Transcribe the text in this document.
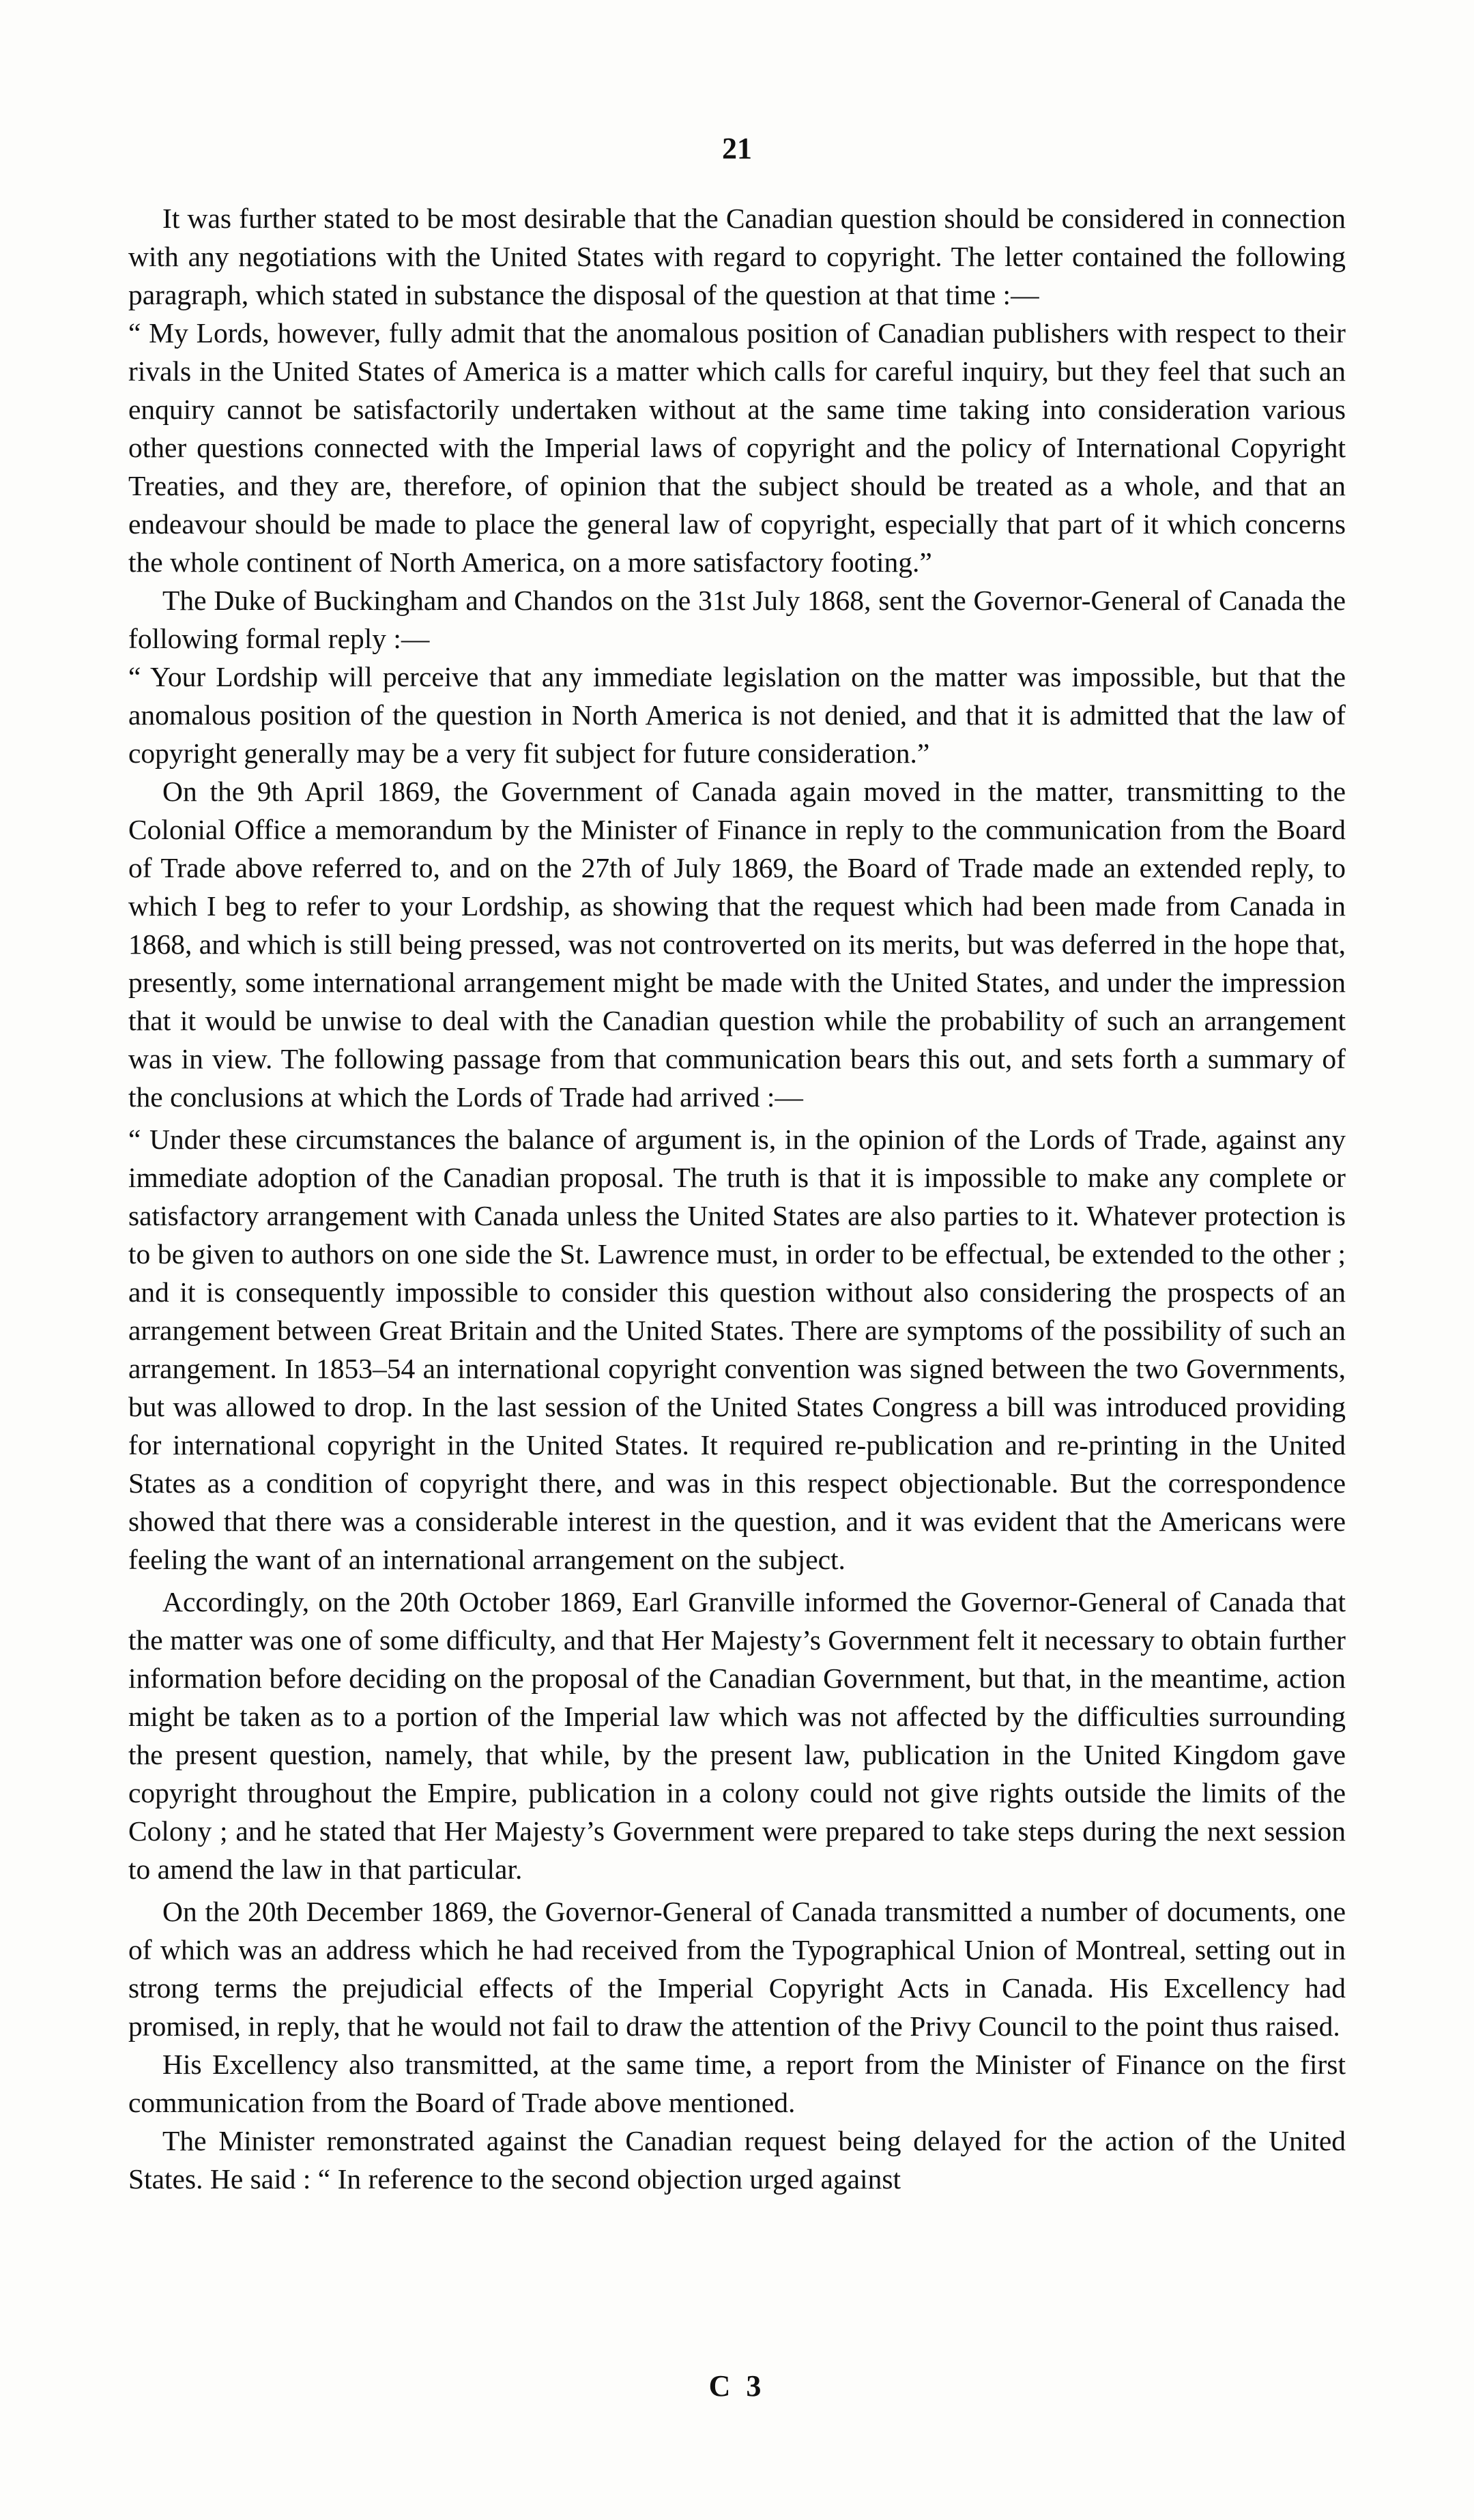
21

It was further stated to be most desirable that the Canadian question should be considered in connection with any negotiations with the United States with regard to copyright. The letter contained the following paragraph, which stated in substance the disposal of the question at that time :—

“ My Lords, however, fully admit that the anomalous position of Canadian publishers with respect to their rivals in the United States of America is a matter which calls for careful inquiry, but they feel that such an enquiry cannot be satisfactorily undertaken without at the same time taking into consideration various other questions connected with the Imperial laws of copyright and the policy of International Copyright Treaties, and they are, therefore, of opinion that the subject should be treated as a whole, and that an endeavour should be made to place the general law of copyright, especially that part of it which concerns the whole continent of North America, on a more satisfactory footing.”

The Duke of Buckingham and Chandos on the 31st July 1868, sent the Governor-General of Canada the following formal reply :—

“ Your Lordship will perceive that any immediate legislation on the matter was impossible, but that the anomalous position of the question in North America is not denied, and that it is admitted that the law of copyright generally may be a very fit subject for future consideration.”

On the 9th April 1869, the Government of Canada again moved in the matter, transmitting to the Colonial Office a memorandum by the Minister of Finance in reply to the communication from the Board of Trade above referred to, and on the 27th of July 1869, the Board of Trade made an extended reply, to which I beg to refer to your Lordship, as showing that the request which had been made from Canada in 1868, and which is still being pressed, was not controverted on its merits, but was deferred in the hope that, presently, some international arrangement might be made with the United States, and under the impression that it would be unwise to deal with the Canadian question while the probability of such an arrangement was in view. The following passage from that communication bears this out, and sets forth a summary of the conclusions at which the Lords of Trade had arrived :—

“ Under these circumstances the balance of argument is, in the opinion of the Lords of Trade, against any immediate adoption of the Canadian proposal. The truth is that it is impossible to make any complete or satisfactory arrangement with Canada unless the United States are also parties to it. Whatever protection is to be given to authors on one side the St. Lawrence must, in order to be effectual, be extended to the other ; and it is consequently impossible to consider this question without also considering the prospects of an arrangement between Great Britain and the United States. There are symptoms of the possibility of such an arrangement. In 1853–54 an international copyright convention was signed between the two Governments, but was allowed to drop. In the last session of the United States Congress a bill was introduced providing for international copyright in the United States. It required re-publication and re-printing in the United States as a condition of copyright there, and was in this respect objectionable. But the correspondence showed that there was a considerable interest in the question, and it was evident that the Americans were feeling the want of an international arrangement on the subject.

Accordingly, on the 20th October 1869, Earl Granville informed the Governor-General of Canada that the matter was one of some difficulty, and that Her Majesty’s Government felt it necessary to obtain further information before deciding on the proposal of the Canadian Government, but that, in the meantime, action might be taken as to a portion of the Imperial law which was not affected by the difficulties surrounding the present question, namely, that while, by the present law, publication in the United Kingdom gave copyright throughout the Empire, publication in a colony could not give rights outside the limits of the Colony ; and he stated that Her Majesty’s Government were prepared to take steps during the next session to amend the law in that particular.

On the 20th December 1869, the Governor-General of Canada transmitted a number of documents, one of which was an address which he had received from the Typographical Union of Montreal, setting out in strong terms the prejudicial effects of the Imperial Copyright Acts in Canada. His Excellency had promised, in reply, that he would not fail to draw the attention of the Privy Council to the point thus raised.

His Excellency also transmitted, at the same time, a report from the Minister of Finance on the first communication from the Board of Trade above mentioned.

The Minister remonstrated against the Canadian request being delayed for the action of the United States. He said : “ In reference to the second objection urged against

C 3
